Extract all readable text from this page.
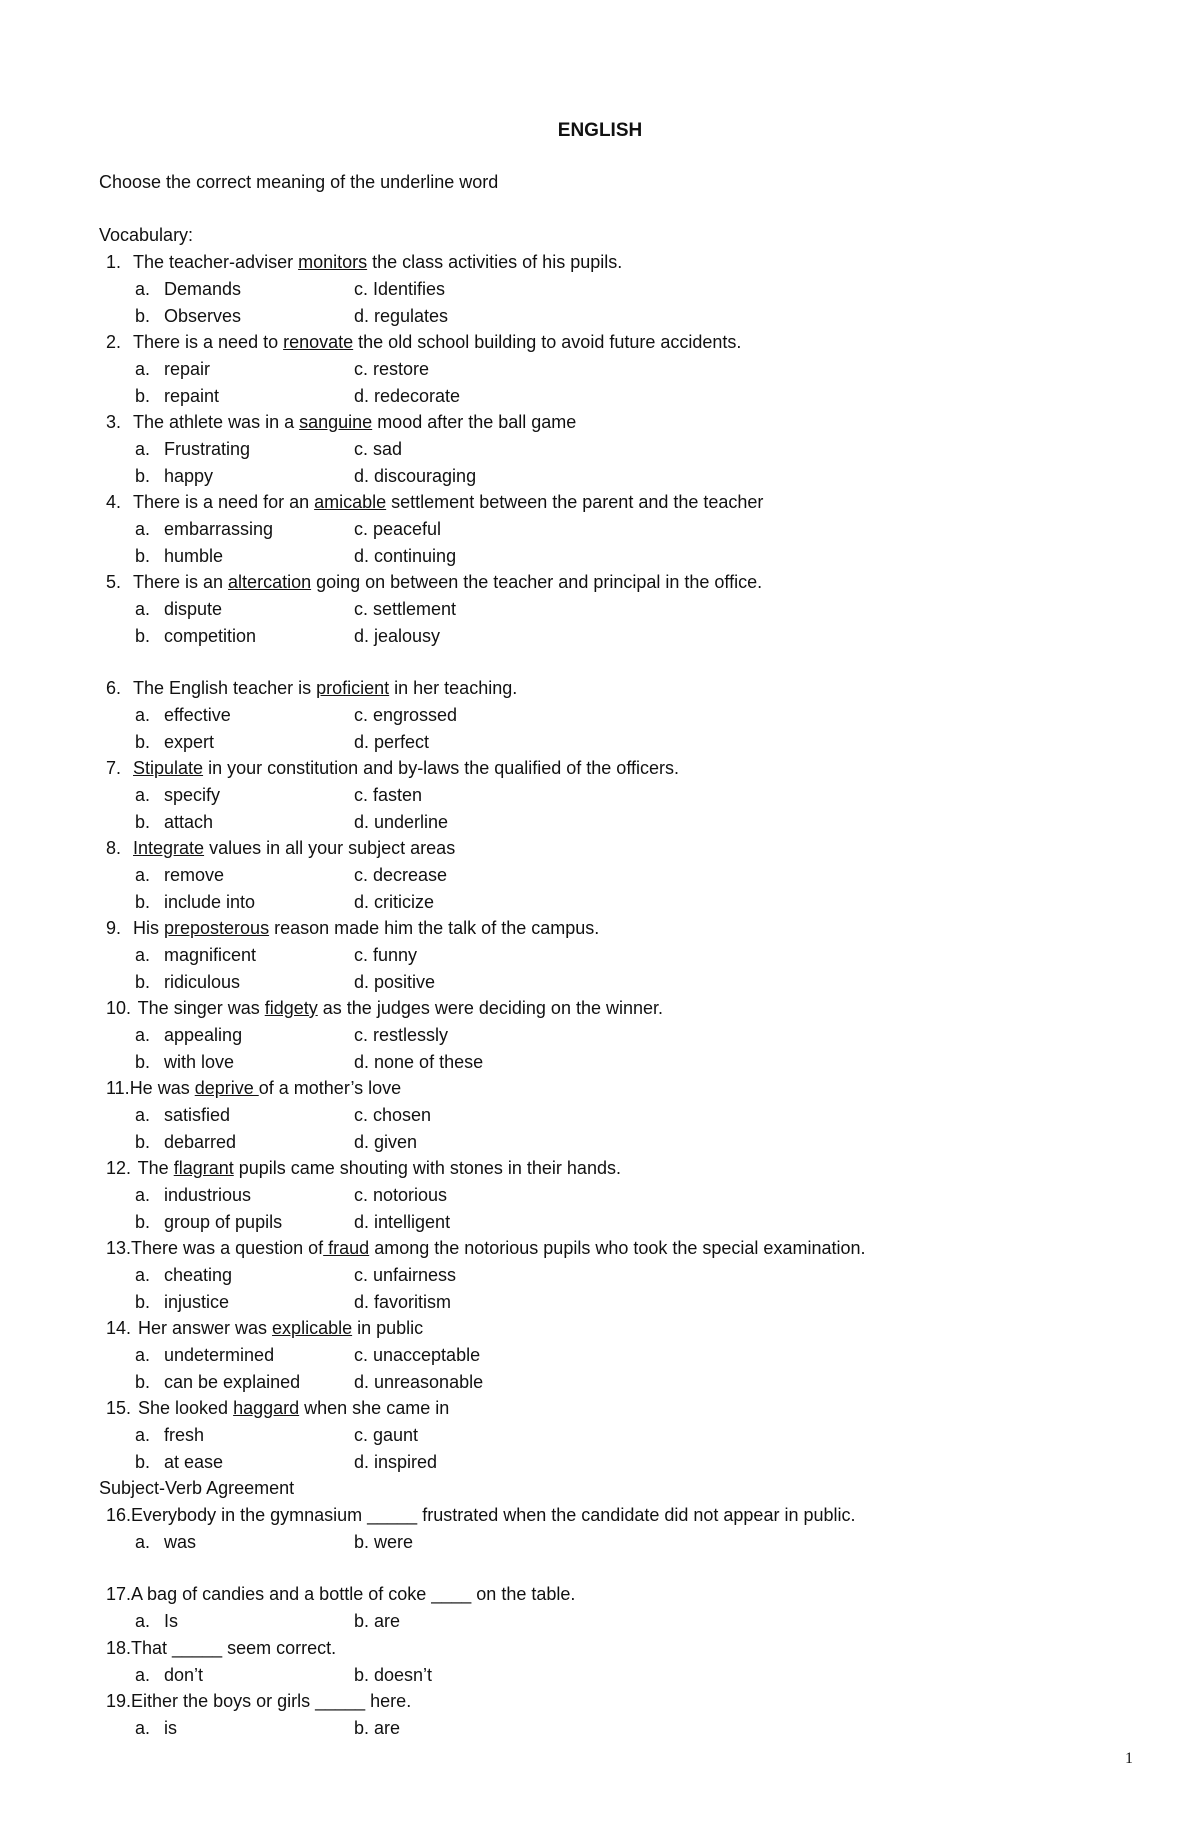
ENGLISH
Choose the correct meaning of the underline word
Vocabulary:
1. The teacher-adviser monitors the class activities of his pupils.
a. Demands	c. Identifies
b. Observes	d. regulates
2. There is a need to renovate the old school building to avoid future accidents.
a. repair	c. restore
b. repaint	d. redecorate
3. The athlete was in a sanguine mood after the ball game
a. Frustrating	c. sad
b. happy	d. discouraging
4. There is a need for an amicable settlement between the parent and the teacher
a. embarrassing	c. peaceful
b. humble	d. continuing
5. There is an altercation going on between the teacher and principal in the office.
a. dispute	c. settlement
b. competition	d. jealousy
6. The English teacher is proficient in her teaching.
a. effective	c. engrossed
b. expert	d. perfect
7. Stipulate in your constitution and by-laws the qualified of the officers.
a. specify	c. fasten
b. attach	d. underline
8. Integrate values in all your subject areas
a. remove	c. decrease
b. include into	d. criticize
9. His preposterous reason made him the talk of the campus.
a. magnificent	c. funny
b. ridiculous	d. positive
10. The singer was fidgety as the judges were deciding on the winner.
a. appealing	c. restlessly
b. with love	d. none of these
11.He was deprive of a mother’s love
a. satisfied	c. chosen
b. debarred	d. given
12. The flagrant pupils came shouting with stones in their hands.
a. industrious	c. notorious
b. group of pupils	d. intelligent
13.There was a question of fraud among the notorious pupils who took the special examination.
a. cheating	c. unfairness
b. injustice	d. favoritism
14. Her answer was explicable in public
a. undetermined	c. unacceptable
b. can be explained	d. unreasonable
15. She looked haggard when she came in
a. fresh	c. gaunt
b. at ease	d. inspired
Subject-Verb Agreement
16.Everybody in the gymnasium _____ frustrated when the candidate did not appear in public.
a. was	b. were
17.A bag of candies and a bottle of coke ____ on the table.
a. Is	b. are
18.That _____ seem correct.
a. don’t	b. doesn’t
19.Either the boys or girls _____ here.
a. is	b. are
1
